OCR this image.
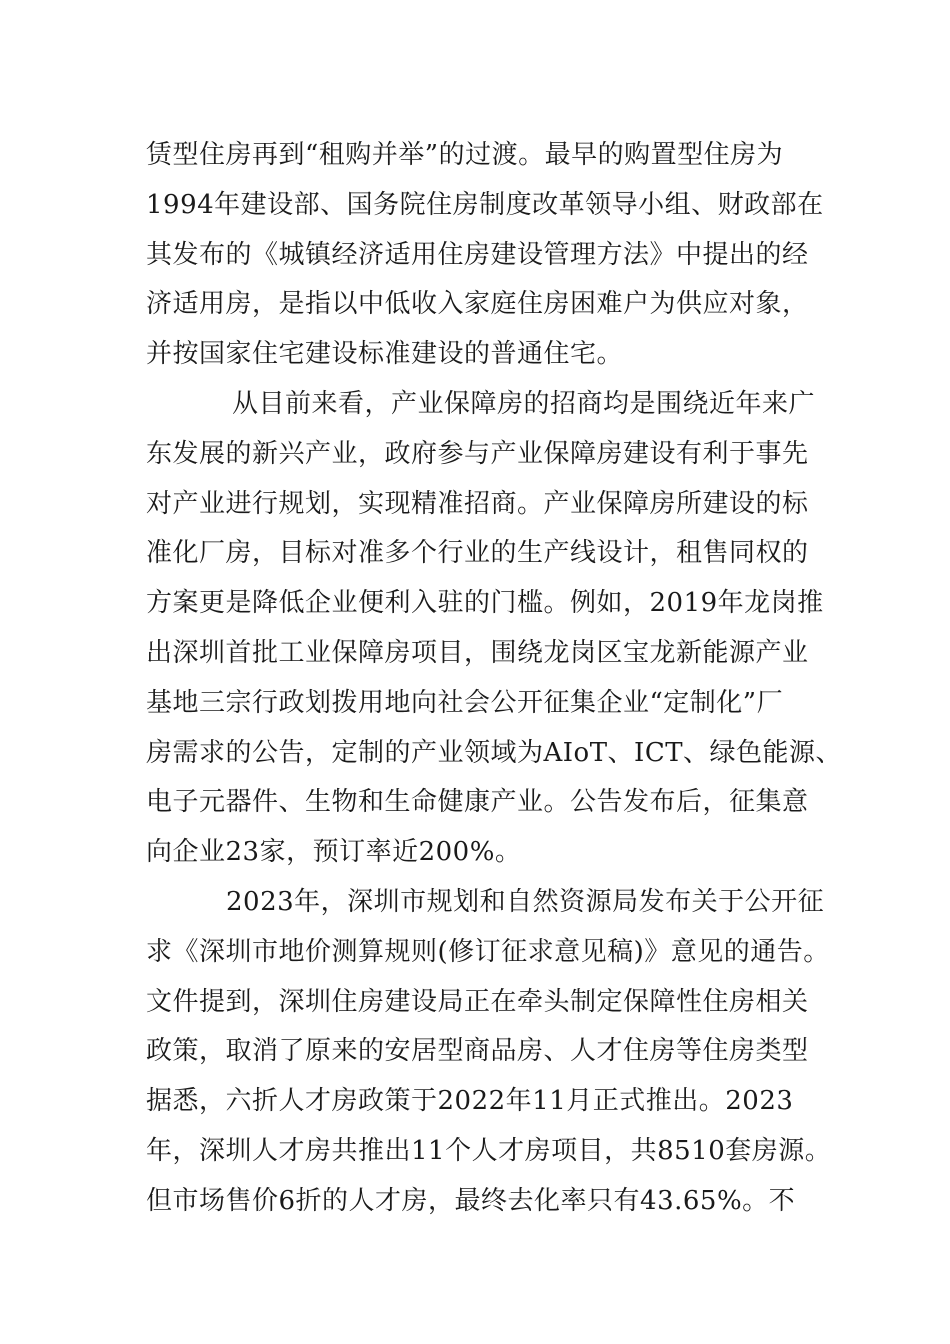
赁型住房再到“租购并举”的过渡。最早的购置型住房为
1994年建设部、国务院住房制度改革领导小组、财政部在
其发布的《城镇经济适用住房建设管理方法》中提出的经
济适用房，是指以中低收入家庭住房困难户为供应对象，
并按国家住宅建设标准建设的普通住宅。
从目前来看，产业保障房的招商均是围绕近年来广
东发展的新兴产业，政府参与产业保障房建设有利于事先
对产业进行规划，实现精准招商。产业保障房所建设的标
准化厂房，目标对准多个行业的生产线设计，租售同权的
方案更是降低企业便利入驻的门槛。例如，2019年龙岗推
出深圳首批工业保障房项目，围绕龙岗区宝龙新能源产业
基地三宗行政划拨用地向社会公开征集企业“定制化”厂
房需求的公告，定制的产业领域为AIoT、ICT、绿色能源、
电子元器件、生物和生命健康产业。公告发布后，征集意
向企业23家，预订率近200%。
2023年，深圳市规划和自然资源局发布关于公开征
求《深圳市地价测算规则(修订征求意见稿)》意见的通告。
文件提到，深圳住房建设局正在牵头制定保障性住房相关
政策，取消了原来的安居型商品房、人才住房等住房类型
据悉，六折人才房政策于2022年11月正式推出。2023
年，深圳人才房共推出11个人才房项目，共8510套房源。
但市场售价6折的人才房，最终去化率只有43.65%。不
